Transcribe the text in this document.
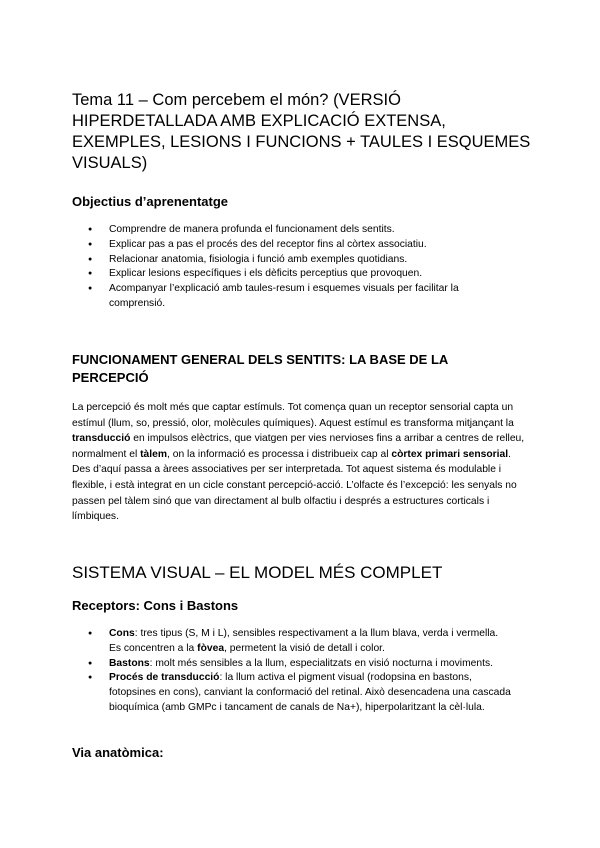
Tema 11 – Com percebem el món? (VERSIÓ HIPERDETALLADA AMB EXPLICACIÓ EXTENSA, EXEMPLES, LESIONS I FUNCIONS + TAULES I ESQUEMES VISUALS)
Objectius d’aprenentatge
● Comprendre de manera profunda el funcionament dels sentits.
● Explicar pas a pas el procés des del receptor fins al còrtex associatiu.
● Relacionar anatomia, fisiologia i funció amb exemples quotidians.
● Explicar lesions específiques i els dèficits perceptius que provoquen.
● Acompanyar l’explicació amb taules-resum i esquemes visuals per facilitar la comprensió.
FUNCIONAMENT GENERAL DELS SENTITS: LA BASE DE LA PERCEPCIÓ

La percepció és molt més que captar estímuls. Tot comença quan un receptor sensorial capta un estímul (llum, so, pressió, olor, molècules químiques). Aquest estímul es transforma mitjançant la transducció en impulsos elèctrics, que viatgen per vies nervioses fins a arribar a centres de relleu, normalment el tàlem, on la informació es processa i distribueix cap al còrtex primari sensorial. Des d’aquí passa a àrees associatives per ser interpretada. Tot aquest sistema és modulable i flexible, i està integrat en un cicle constant percepció-acció. L’olfacte és l’excepció: les senyals no passen pel tàlem sinó que van directament al bulb olfactiu i després a estructures corticals i límbiques.

SISTEMA VISUAL – EL MODEL MÉS COMPLET
Receptors: Cons i Bastons
● Cons: tres tipus (S, M i L), sensibles respectivament a la llum blava, verda i vermella. Es concentren a la fòvea, permetent la visió de detall i color.
● Bastons: molt més sensibles a la llum, especialitzats en visió nocturna i moviments.
● Procés de transducció: la llum activa el pigment visual (rodopsina en bastons, fotopsines en cons), canviant la conformació del retinal. Això desencadena una cascada bioquímica (amb GMPc i tancament de canals de Na+), hiperpolaritzant la cèl·lula.
Via anatòmica:
